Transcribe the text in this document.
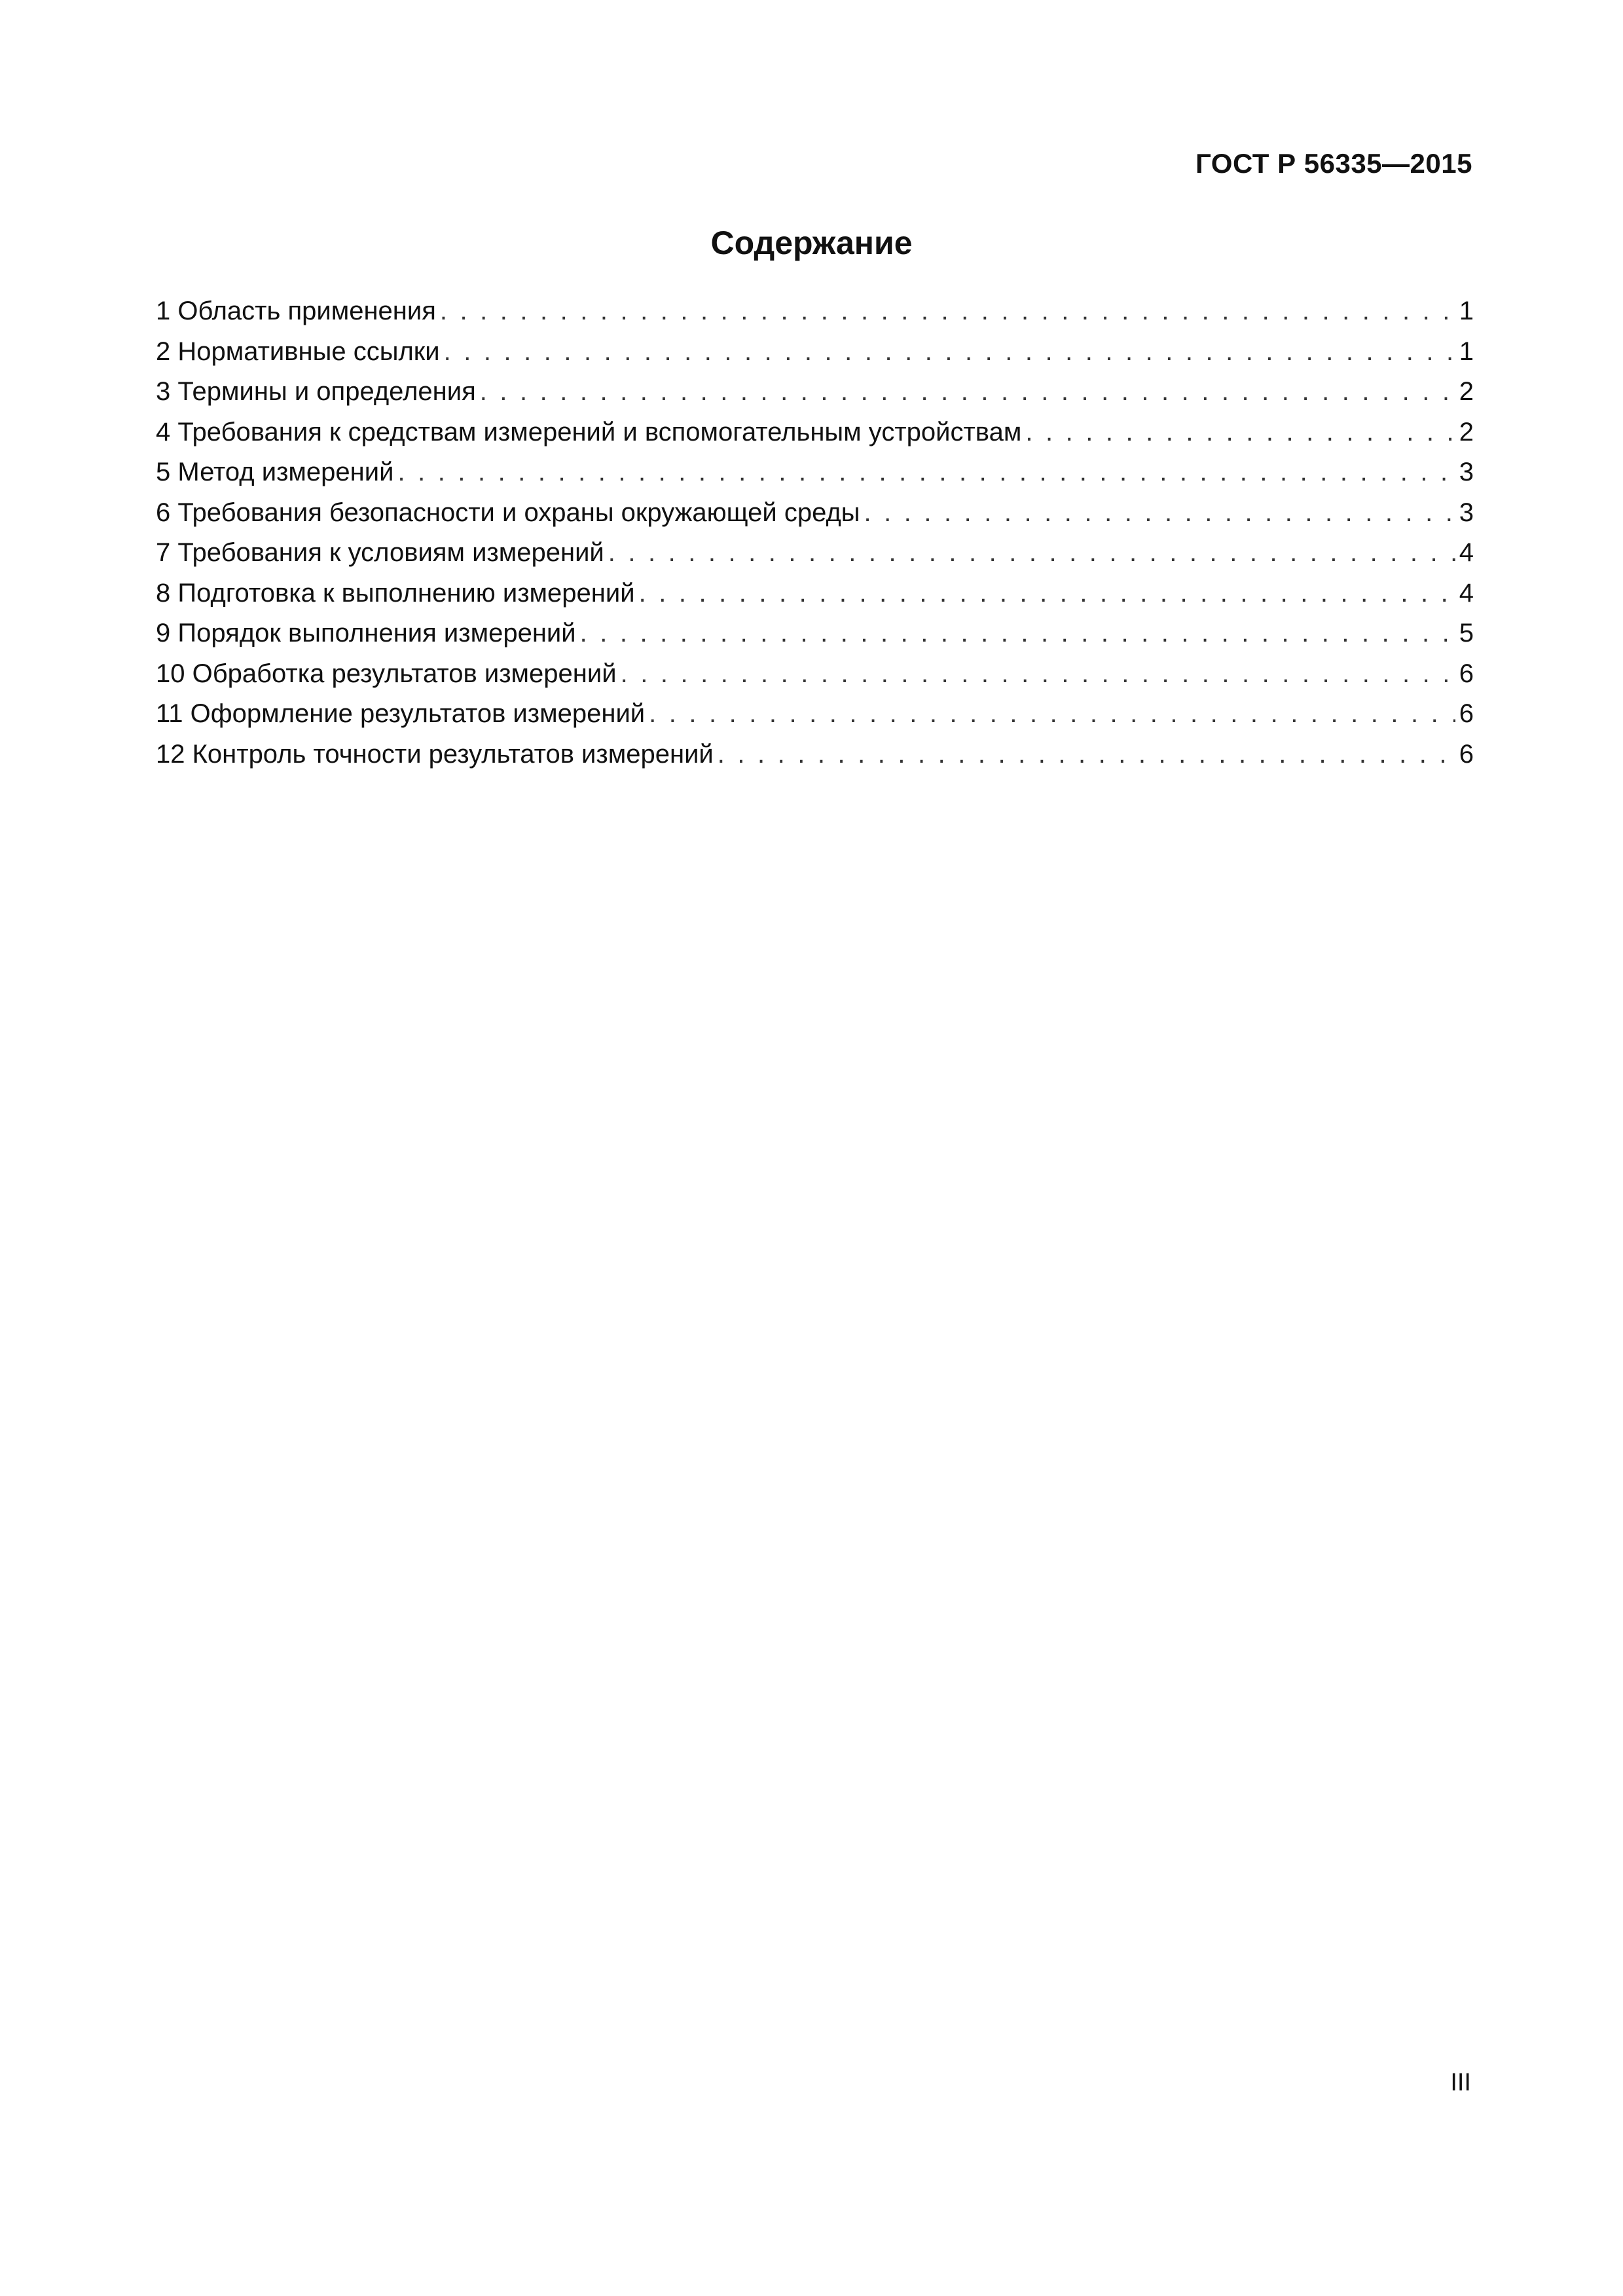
ГОСТ Р 56335—2015
Содержание
1 Область применения . . .	1
2 Нормативные ссылки . . .	1
3 Термины и определения . . .	2
4 Требования к средствам измерений и вспомогательным устройствам . . .	2
5 Метод измерений . . .	3
6 Требования безопасности и охраны окружающей среды . . .	3
7 Требования к условиям измерений . . .	4
8 Подготовка к выполнению измерений . . .	4
9 Порядок выполнения измерений . . .	5
10 Обработка результатов измерений . . .	6
11 Оформление результатов измерений . . .	6
12 Контроль точности результатов измерений . . .	6
III
